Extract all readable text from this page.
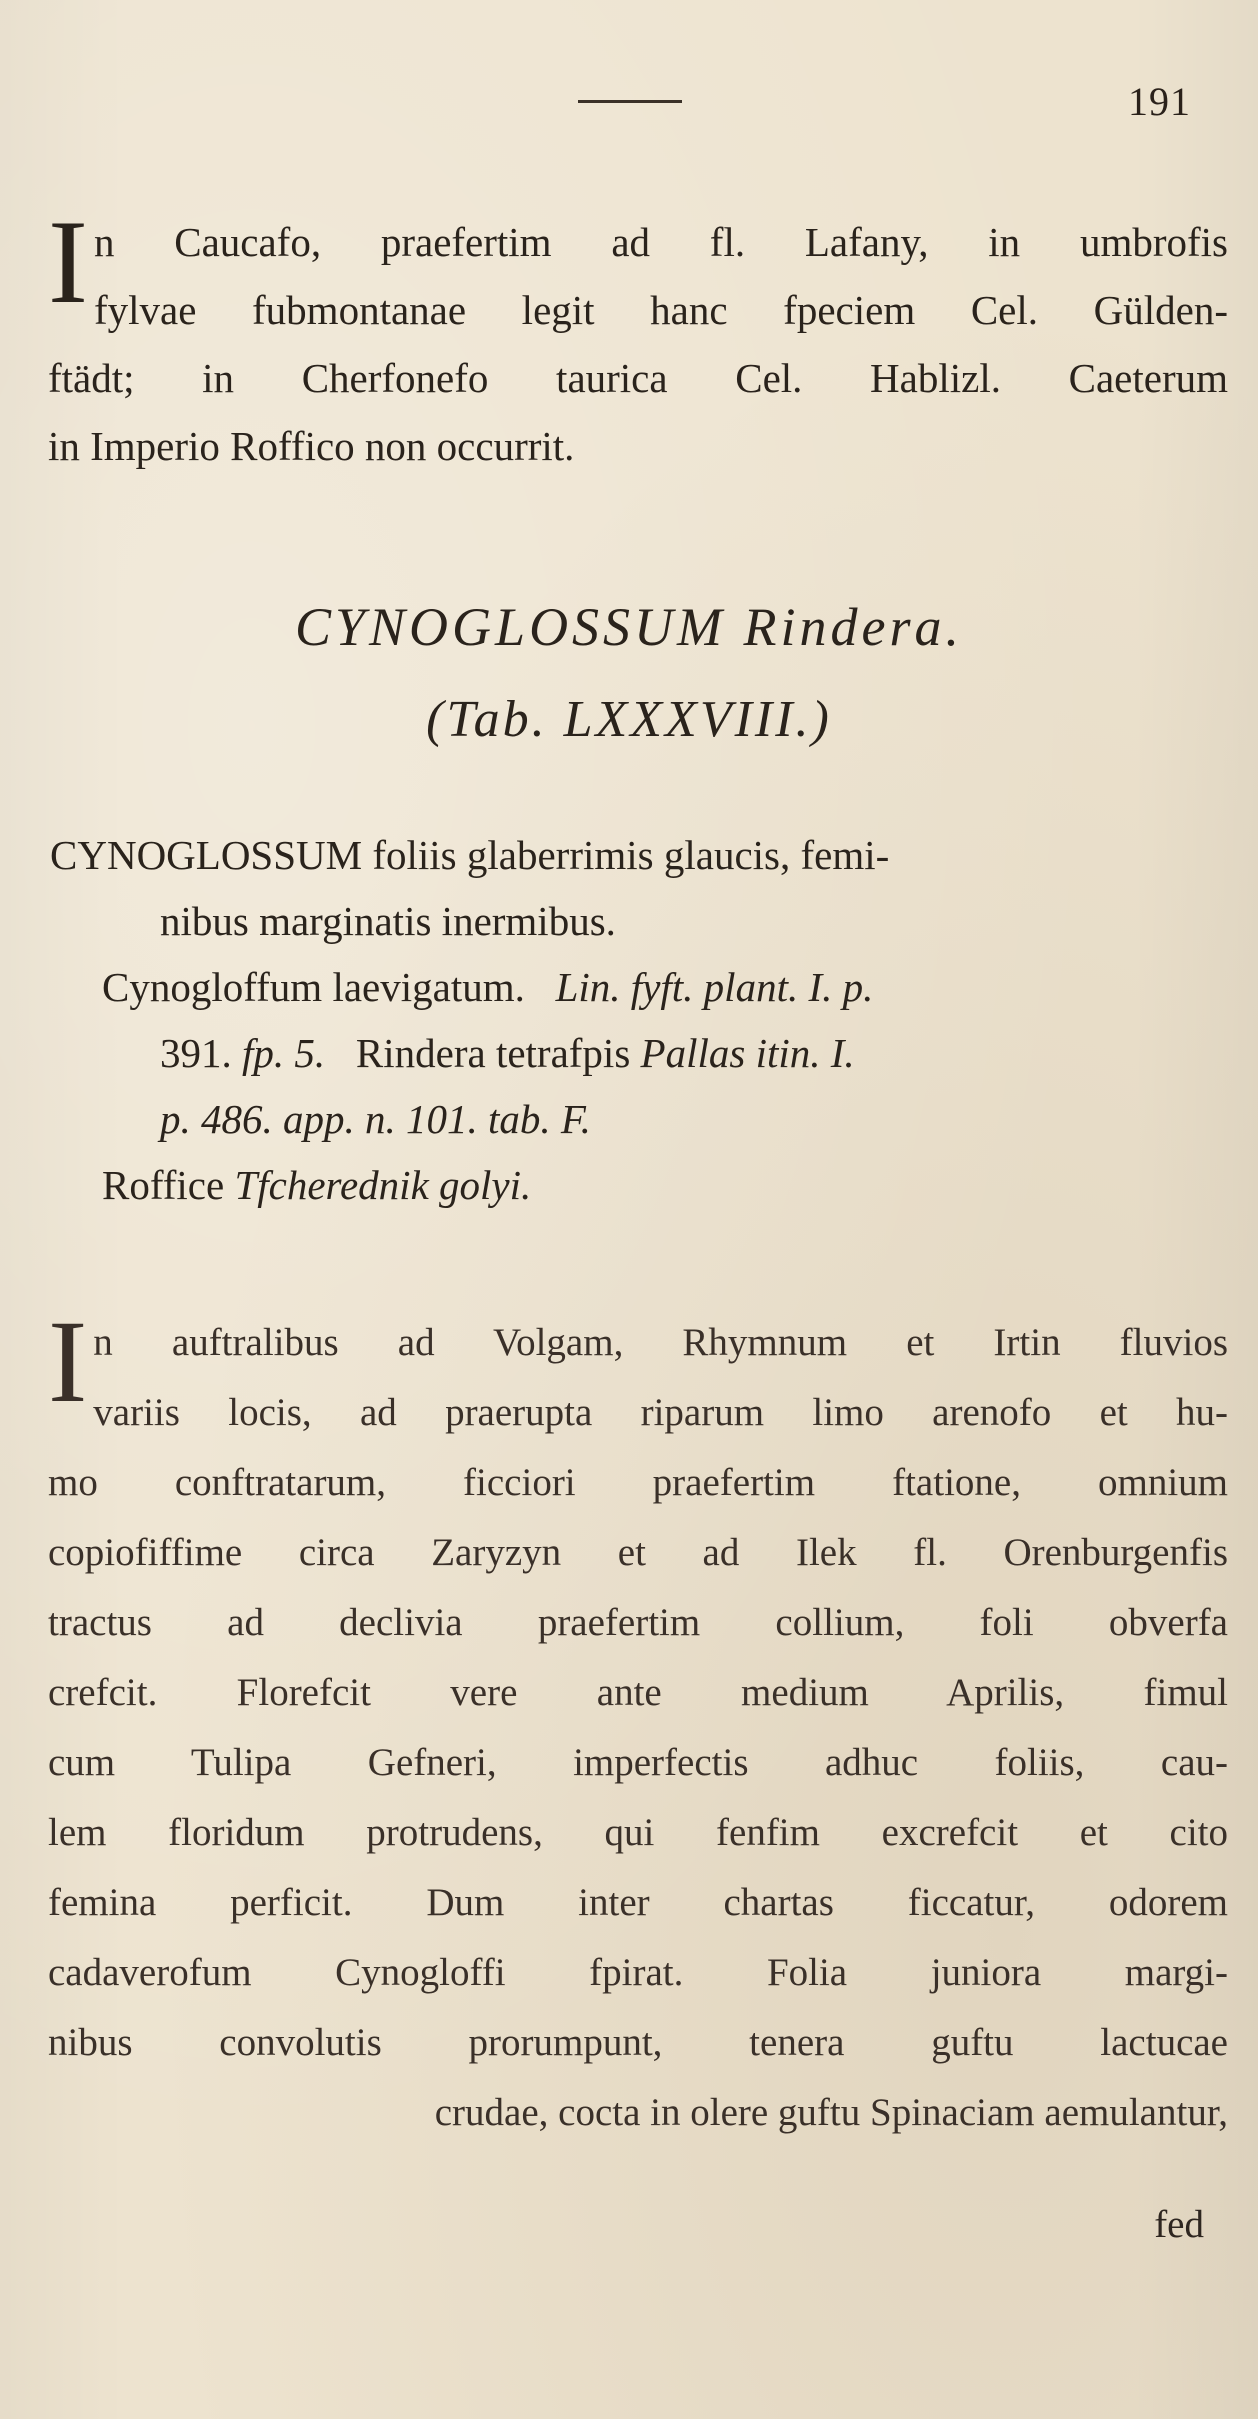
191
I n Caucafo, praefertim ad fl. Lafany, in umbrofis
fylvae fubmontanae legit hanc fpeciem Cel. Gülden-
ftädt; in Cherfonefo taurica Cel. Hablizl. Caeterum
in Imperio Roffico non occurrit.
CYNOGLOSSUM Rindera.
(Tab. LXXXVIII.)
CYNOGLOSSUM foliis glaberrimis glaucis, femi-
nibus marginatis inermibus.
Cynogloffum laevigatum. Lin. fyft. plant. I. p.
391. fp. 5. Rindera tetrafpis Pallas itin. I.
p. 486. app. n. 101. tab. F.
Roffice Tfcherednik golyi.
I n auftralibus ad Volgam, Rhymnum et Irtin fluvios
variis locis, ad praerupta riparum limo arenofo et hu-
mo conftratarum, ficciori praefertim ftatione, omnium
copiofiffime circa Zaryzyn et ad Ilek fl. Orenburgenfis
tractus ad declivia praefertim collium, foli obverfa
crefcit. Florefcit vere ante medium Aprilis, fimul
cum Tulipa Gefneri, imperfectis adhuc foliis, cau-
lem floridum protrudens, qui fenfim excrefcit et cito
femina perficit. Dum inter chartas ficcatur, odorem
cadaverofum Cynogloffi fpirat. Folia juniora margi-
nibus convolutis prorumpunt, tenera guftu lactucae
crudae, cocta in olere guftu Spinaciam aemulantur,
fed
